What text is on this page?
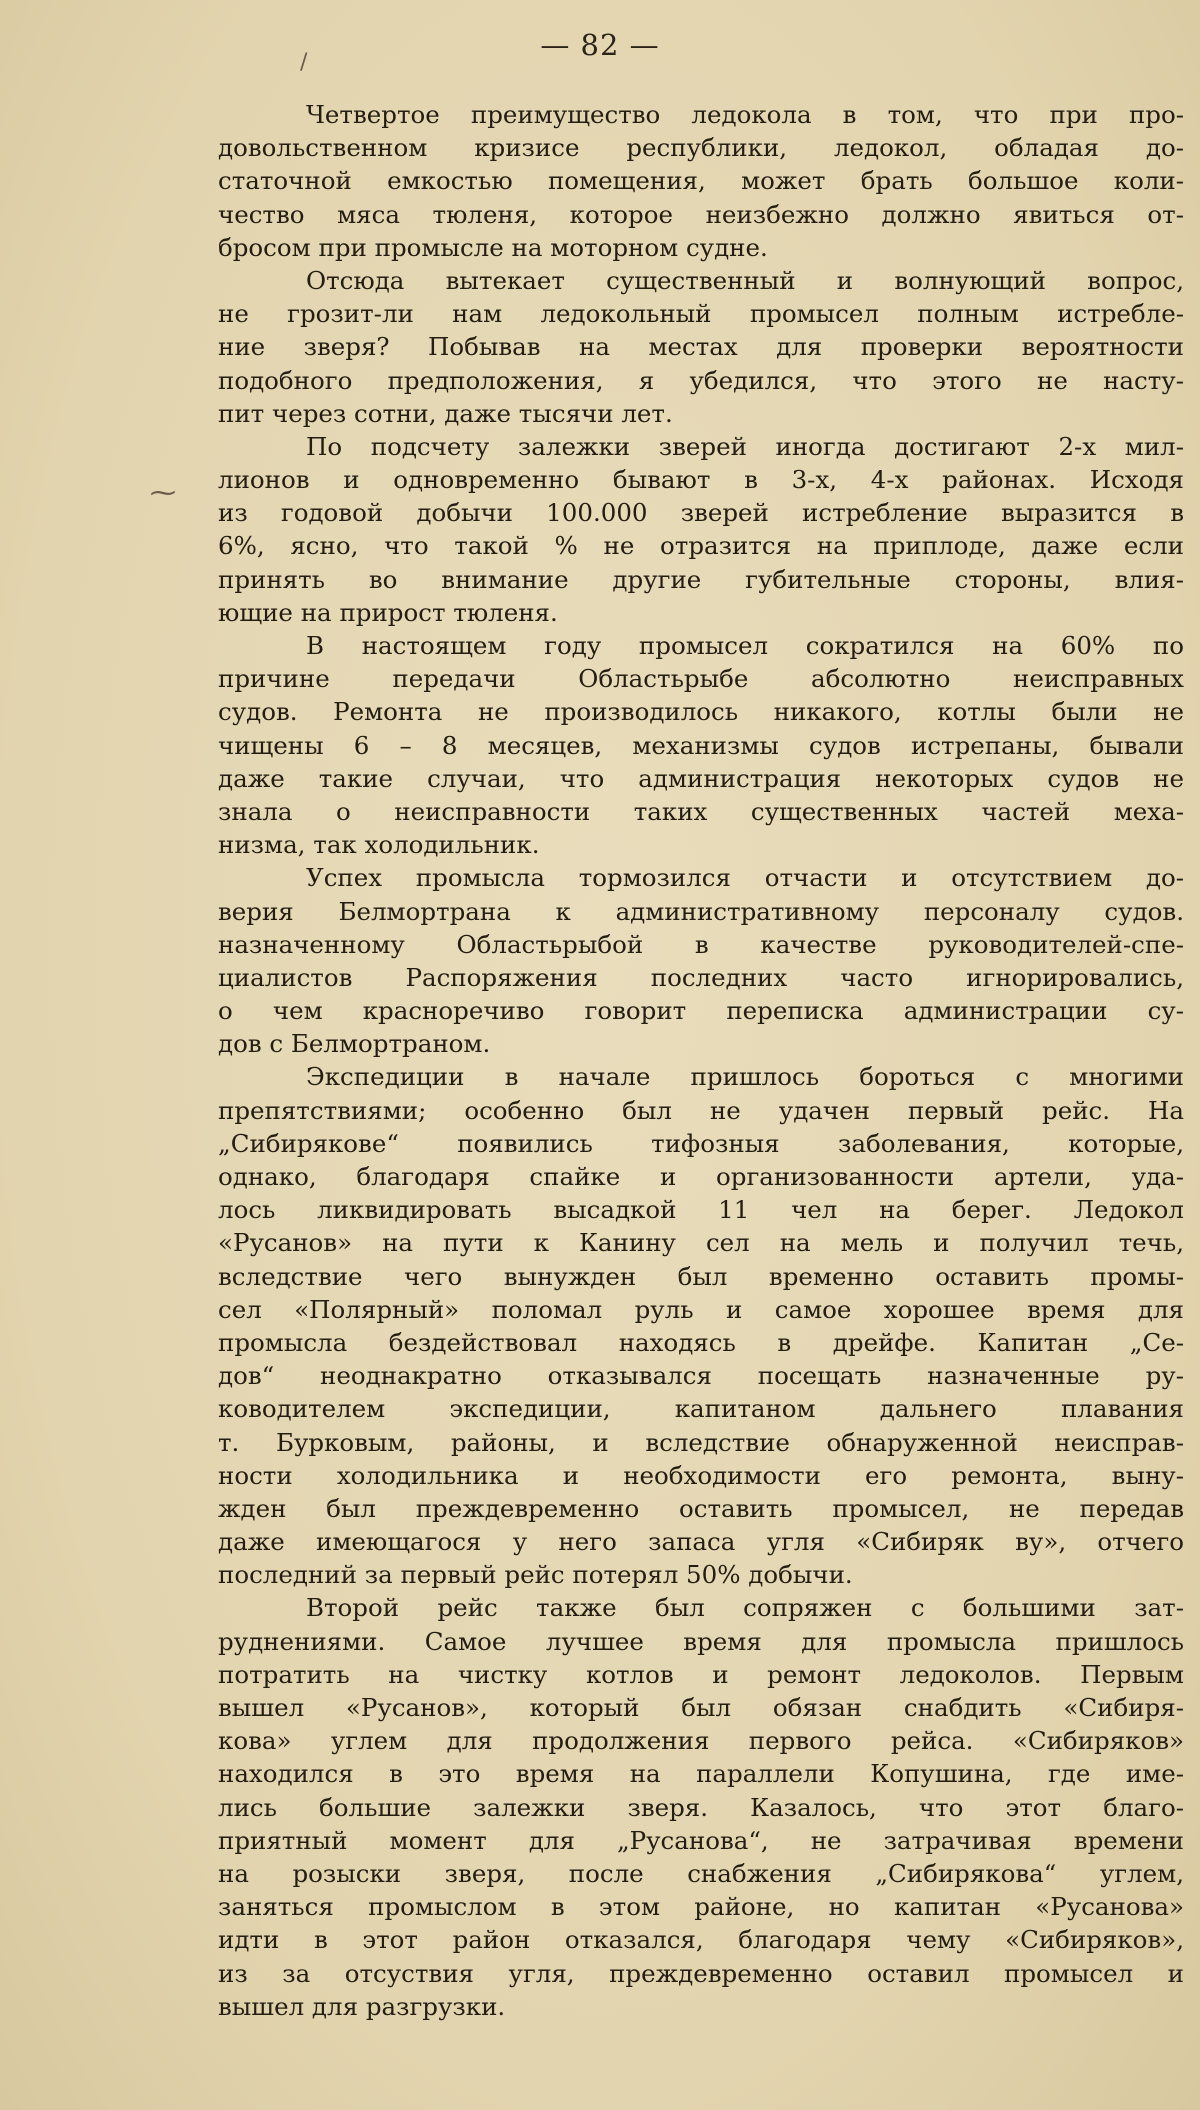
— 82 —
/
⁓
Четвертое преимущество ледокола в том, что при про-
довольственном кризисе республики, ледокол, обладая до-
статочной емкостью помещения, может брать большое коли-
чество мяса тюленя, которое неизбежно должно явиться от-
бросом при промысле на моторном судне.
Отсюда вытекает существенный и волнующий вопрос,
не грозит-ли нам ледокольный промысел полным истребле-
ние зверя? Побывав на местах для проверки вероятности
подобного предположения, я убедился, что этого не насту-
пит через сотни, даже тысячи лет.
По подсчету залежки зверей иногда достигают 2-х мил-
лионов и одновременно бывают в 3-х, 4-х районах. Исходя
из годовой добычи 100.000 зверей истребление выразится в
6%, ясно, что такой % не отразится на приплоде, даже если
принять во внимание другие губительные стороны, влия-
ющие на прирост тюленя.
В настоящем году промысел сократился на 60% по
причине передачи Областьрыбе абсолютно неисправных
судов. Ремонта не производилось никакого, котлы были не
чищены 6 – 8 месяцев, механизмы судов истрепаны, бывали
даже такие случаи, что администрация некоторых судов не
знала о неисправности таких существенных частей меха-
низма, так холодильник.
Успех промысла тормозился отчасти и отсутствием до-
верия Белмортрана к административному персоналу судов.
назначенному Областьрыбой в качестве руководителей-спе-
циалистов Распоряжения последних часто игнорировались,
о чем красноречиво говорит переписка администрации су-
дов с Белмортраном.
Экспедиции в начале пришлось бороться с многими
препятствиями; особенно был не удачен первый рейс. На
„Сибирякове“ появились тифозныя заболевания, которые,
однако, благодаря спайке и организованности артели, уда-
лось ликвидировать высадкой 11 чел на берег. Ледокол
«Русанов» на пути к Канину сел на мель и получил течь,
вследствие чего вынужден был временно оставить промы-
сел «Полярный» поломал руль и самое хорошее время для
промысла бездействовал находясь в дрейфе. Капитан „Се-
дов“ неоднакратно отказывался посещать назначенные ру-
ководителем экспедиции, капитаном дальнего плавания
т. Бурковым, районы, и вследствие обнаруженной неисправ-
ности холодильника и необходимости его ремонта, выну-
жден был преждевременно оставить промысел, не передав
даже имеющагося у него запаса угля «Сибиряк ву», отчего
последний за первый рейс потерял 50% добычи.
Второй рейс также был сопряжен с большими зат-
руднениями. Самое лучшее время для промысла пришлось
потратить на чистку котлов и ремонт ледоколов. Первым
вышел «Русанов», который был обязан снабдить «Сибиря-
кова» углем для продолжения первого рейса. «Сибиряков»
находился в это время на параллели Копушина, где име-
лись большие залежки зверя. Казалось, что этот благо-
приятный момент для „Русанова“, не затрачивая времени
на розыски зверя, после снабжения „Сибирякова“ углем,
заняться промыслом в этом районе, но капитан «Русанова»
идти в этот район отказался, благодаря чему «Сибиряков»,
из за отсуствия угля, преждевременно оставил промысел и
вышел для разгрузки.
